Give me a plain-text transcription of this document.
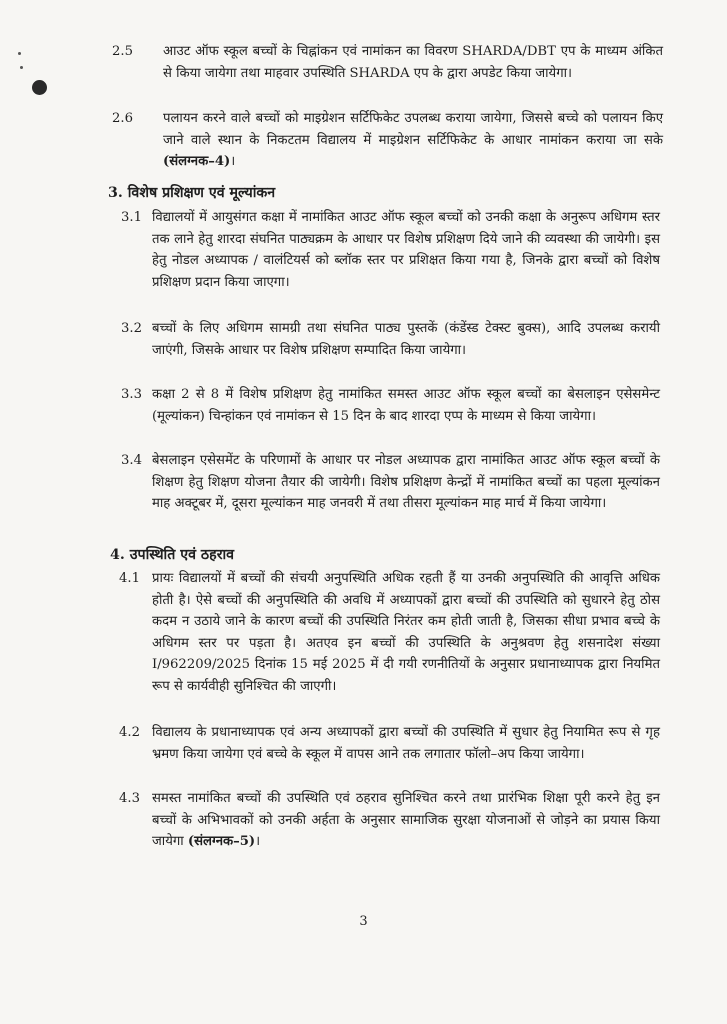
2.5 आउट ऑफ स्कूल बच्चों के चिह्नांकन एवं नामांकन का विवरण SHARDA/DBT एप के माध्यम अंकित से किया जायेगा तथा माहवार उपस्थिति SHARDA एप के द्वारा अपडेट किया जायेगा।
2.6 पलायन करने वाले बच्चों को माइग्रेशन सर्टिफिकेट उपलब्ध कराया जायेगा, जिससे बच्चे को पलायन किए जाने वाले स्थान के निकटतम विद्यालय में माइग्रेशन सर्टिफिकेट के आधार नामांकन कराया जा सके (संलग्नक–4)।
3. विशेष प्रशिक्षण एवं मूल्यांकन
3.1 विद्यालयों में आयुसंगत कक्षा में नामांकित आउट ऑफ स्कूल बच्चों को उनकी कक्षा के अनुरूप अधिगम स्तर तक लाने हेतु शारदा संघनित पाठ्यक्रम के आधार पर विशेष प्रशिक्षण दिये जाने की व्यवस्था की जायेगी। इस हेतु नोडल अध्यापक / वालंटियर्स को ब्लॉक स्तर पर प्रशिक्षत किया गया है, जिनके द्वारा बच्चों को विशेष प्रशिक्षण प्रदान किया जाएगा।
3.2 बच्चों के लिए अधिगम सामग्री तथा संघनित पाठ्य पुस्तकें (कंडेंस्ड टेक्स्ट बुक्स), आदि उपलब्ध करायी जाएंगी, जिसके आधार पर विशेष प्रशिक्षण सम्पादित किया जायेगा।
3.3 कक्षा 2 से 8 में विशेष प्रशिक्षण हेतु नामांकित समस्त आउट ऑफ स्कूल बच्चों का बेसलाइन एसेसमेन्ट (मूल्यांकन) चिन्हांकन एवं नामांकन से 15 दिन के बाद शारदा एप्प के माध्यम से किया जायेगा।
3.4 बेसलाइन एसेसमेंट के परिणामों के आधार पर नोडल अध्यापक द्वारा नामांकित आउट ऑफ स्कूल बच्चों के शिक्षण हेतु शिक्षण योजना तैयार की जायेगी। विशेष प्रशिक्षण केन्द्रों में नामांकित बच्चों का पहला मूल्यांकन माह अक्टूबर में, दूसरा मूल्यांकन माह जनवरी में तथा तीसरा मूल्यांकन माह मार्च में किया जायेगा।
4. उपस्थिति एवं ठहराव
4.1 प्रायः विद्यालयों में बच्चों की संचयी अनुपस्थिति अधिक रहती हैं या उनकी अनुपस्थिति की आवृत्ति अधिक होती है। ऐसे बच्चों की अनुपस्थिति की अवधि में अध्यापकों द्वारा बच्चों की उपस्थिति को सुधारने हेतु ठोस कदम न उठाये जाने के कारण बच्चों की उपस्थिति निरंतर कम होती जाती है, जिसका सीधा प्रभाव बच्चे के अधिगम स्तर पर पड़ता है। अतएव इन बच्चों की उपस्थिति के अनुश्रवण हेतु शसनादेश संख्या I/962209/2025 दिनांक 15 मई 2025 में दी गयी रणनीतियों के अनुसार प्रधानाध्यापक द्वारा नियमित रूप से कार्यवीही सुनिश्चित की जाएगी।
4.2 विद्यालय के प्रधानाध्यापक एवं अन्य अध्यापकों द्वारा बच्चों की उपस्थिति में सुधार हेतु नियामित रूप से गृह भ्रमण किया जायेगा एवं बच्चे के स्कूल में वापस आने तक लगातार फॉलो–अप किया जायेगा।
4.3 समस्त नामांकित बच्चों की उपस्थिति एवं ठहराव सुनिश्चित करने तथा प्रारंभिक शिक्षा पूरी करने हेतु इन बच्चों के अभिभावकों को उनकी अर्हता के अनुसार सामाजिक सुरक्षा योजनाओं से जोड़ने का प्रयास किया जायेगा (संलग्नक–5)।
3
